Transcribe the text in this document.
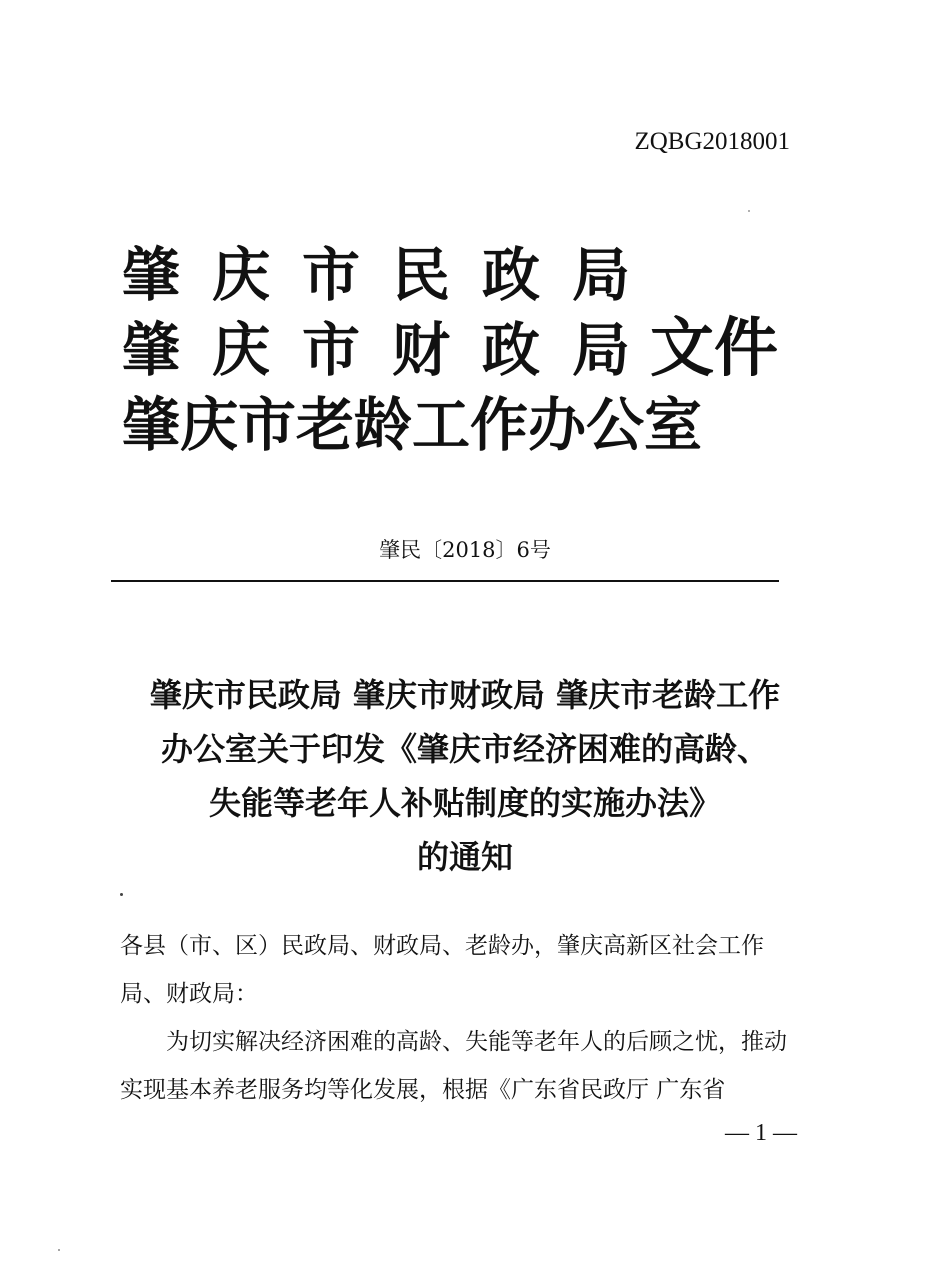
ZQBG2018001
肇庆市民政局
肇庆市财政局
肇庆市老龄工作办公室
文件
肇民〔2018〕6号
肇庆市民政局 肇庆市财政局 肇庆市老龄工作
办公室关于印发《肇庆市经济困难的高龄、
失能等老年人补贴制度的实施办法》
的通知

各县（市、区）民政局、财政局、老龄办，肇庆高新区社会工作局、财政局：

为切实解决经济困难的高龄、失能等老年人的后顾之忧，推动实现基本养老服务均等化发展，根据《广东省民政厅 广东省

— 1 —
